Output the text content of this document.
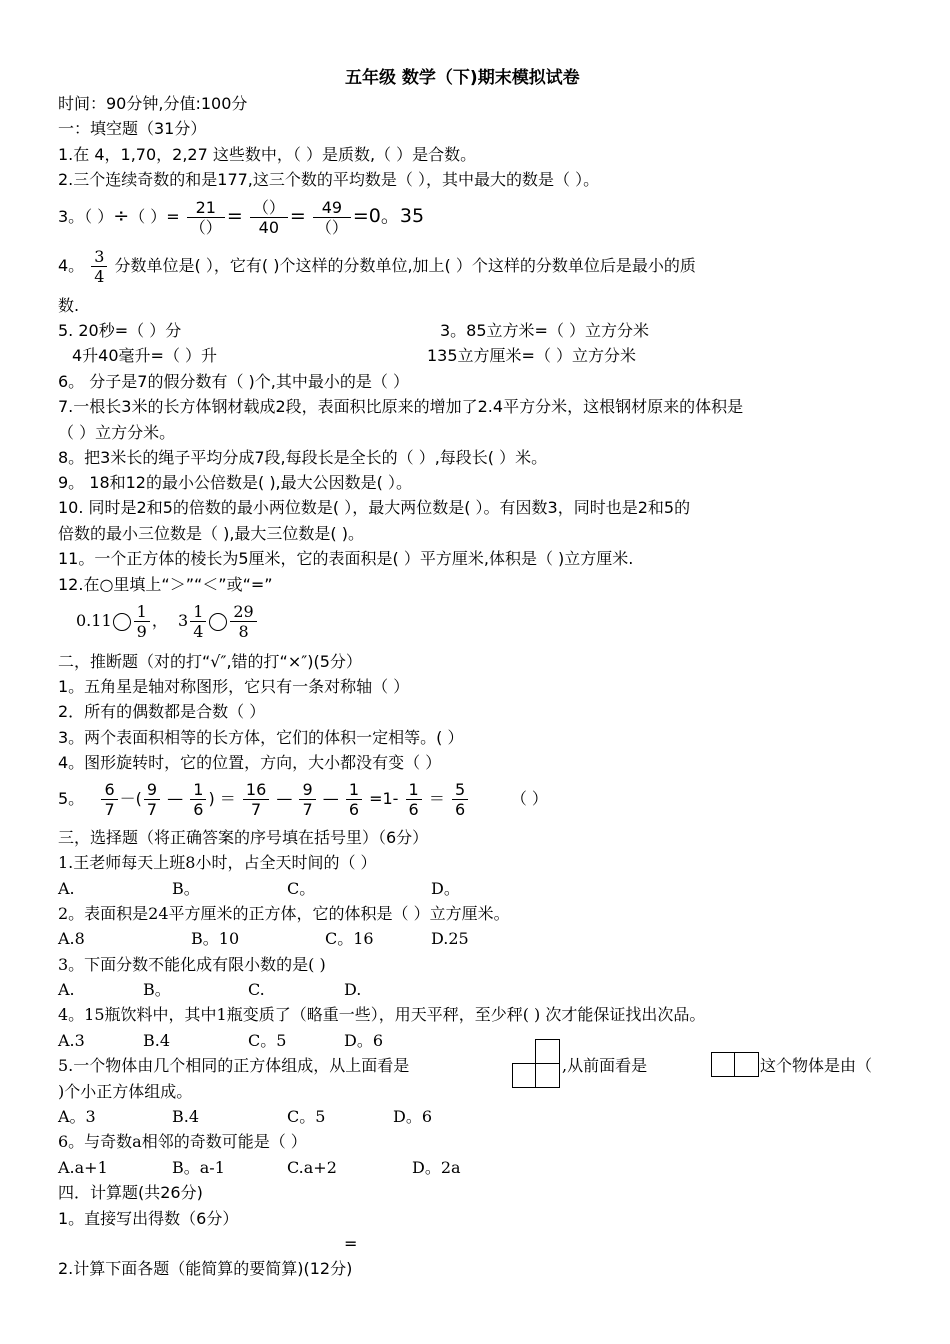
五年级 数学（下)期末模拟试卷
时间：90分钟,分值:100分
一：填空题（31分）
1.在 4，1,70，2,27 这些数中，（ ）是质数,（ ）是合数。
2.三个连续奇数的和是177,这三个数的平均数是（ ），其中最大的数是（ ）。
3。（ ）÷（ ）= $\frac{21}{()} = \frac{()}{40} = \frac{49}{()} =0$。35
4。 $\frac{3}{4}$ 分数单位是( ），它有( )个这样的分数单位,加上( ）个这样的分数单位后是最小的质
数.
5. 20秒=（ ）分	3。85立方米=（ ）立方分米
4升40毫升=（ ）升	135立方厘米=（ ）立方分米
6。 分子是7的假分数有（ )个,其中最小的是（ ）
7.一根长3米的长方体钢材载成2段，表面积比原来的增加了2.4平方分米，这根钢材原来的体积是
（ ）立方分米。
8。把3米长的绳子平均分成7段,每段长是全长的（ ）,每段长( ）米。
9。 18和12的最小公倍数是( ),最大公因数是( ）。
10. 同时是2和5的倍数的最小两位数是( ），最大两位数是( ）。有因数3，同时也是2和5的
倍数的最小三位数是（ ),最大三位数是( )。
11。一个正方体的棱长为5厘米，它的表面积是( ）平方厘米,体积是（ )立方厘米.
12.在○里填上“＞”“＜”或“=”
$0.11 \frac{1}{9}$ ， $3 \frac{1}{4} \frac{29}{8}$
二，推断题（对的打“√″,错的打“×″)(5分）
1。五角星是轴对称图形，它只有一条对称轴（ ）
2．所有的偶数都是合数（ ）
3。两个表面积相等的长方体，它们的体积一定相等。( ）
4。图形旋转时，它的位置，方向，大小都没有变（ ）
5。 $\frac{6}{7}$ －( $\frac{9}{7}$ — $\frac{1}{6}$ ) ＝ $\frac{16}{7}$ — $\frac{9}{7}$ — $\frac{1}{6} =1- \frac{1}{6} = \frac{5}{6}$	（ ）
三，选择题（将正确答案的序号填在括号里）（6分）
1.王老师每天上班8小时，占全天时间的（ ）
A.	B。	C。	D。
2。表面积是24平方厘米的正方体，它的体积是（ ）立方厘米。
A.8	B。10	C。16	D.25
3。下面分数不能化成有限小数的是( )
A.	B。	C.	D.
4。15瓶饮料中，其中1瓶变质了（略重一些），用天平秤，至少秤( ) 次才能保证找出次品。
A.3	B.4	C。5	D。6
5.一个物体由几个相同的正方体组成，从上面看是	,从前面看是	这个物体是由（
)个小正方体组成。
A。3	B.4	C。5	D。6
6。与奇数a相邻的奇数可能是（ ）
A.a+1	B。a-1	C.a+2	D。2a
四．计算题(共26分)
1。直接写出得数（6分）
=
2.计算下面各题（能简算的要简算)(12分)
